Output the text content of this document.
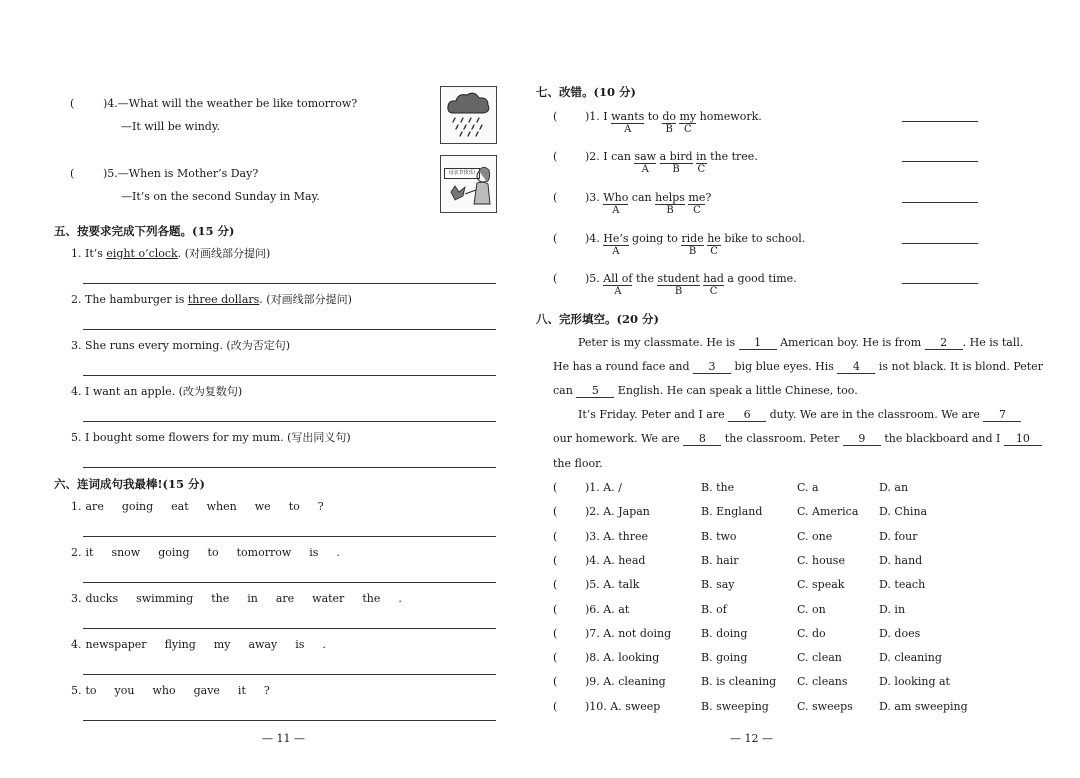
(	)4.—What will the weather be like tomorrow?
—It will be windy.
(	)5.—When is Mother’s Day?
—It’s on the second Sunday in May.
母亲节快乐!
五、按要求完成下列各题。(15 分)
1. It’s eight o’clock. (对画线部分提问)
2. The hamburger is three dollars. (对画线部分提问)
3. She runs every morning. (改为否定句)
4. I want an apple. (改为复数句)
5. I bought some flowers for my mum. (写出同义句)
六、连词成句我最棒!(15 分)
1. are going eat when we to ?
2. it snow going to tomorrow is .
3. ducks swimming the in are water the .
4. newspaper flying my away is .
5. to you who gave it ?
— 11 —
七、改错。(10 分)
(	)1. I wants
A
to $\frac{do}{B} \frac{my}{C}$ homework.
(	)2. I can saw
A
a bird
B
$\frac{in}{C}$ the tree.
(	)3. Who
A
can helps
B
$\frac{me}{C}$ ?
(	)4. $\frac{He’s}{A}$ going to ride
B
$\frac{he}{C}$ bike to school.
(	)5. All of
A
the student
B
had
C
a good time.
八、完形填空。(20 分)
Peter is my classmate. He is 1 American boy. He is from 2 . He is tall.
He has a round face and 3 big blue eyes. His 4 is not black. It is blond. Peter
can 5 English. He can speak a little Chinese, too.
It’s Friday. Peter and I are 6 duty. We are in the classroom. We are 7
our homework. We are 8 the classroom. Peter 9 the blackboard and I 10
the floor.
(	)1. A. /	B. the	C. a	D. an
(	)2. A. Japan	B. England	C. America D. China
(	)3. A. three	B. two	C. one	D. four
(	)4. A. head	B. hair	C. house	D. hand
(	)5. A. talk	B. say	C. speak	D. teach
(	)6. A. at	B. of	C. on	D. in
(	)7. A. not doing	B. doing	C. do	D. does
(	)8. A. looking	B. going	C. clean	D. cleaning
(	)9. A. cleaning	B. is cleaning C. cleans	D. looking at
(	)10. A. sweep	B. sweeping	C. sweeps D. am sweeping
— 12 —
